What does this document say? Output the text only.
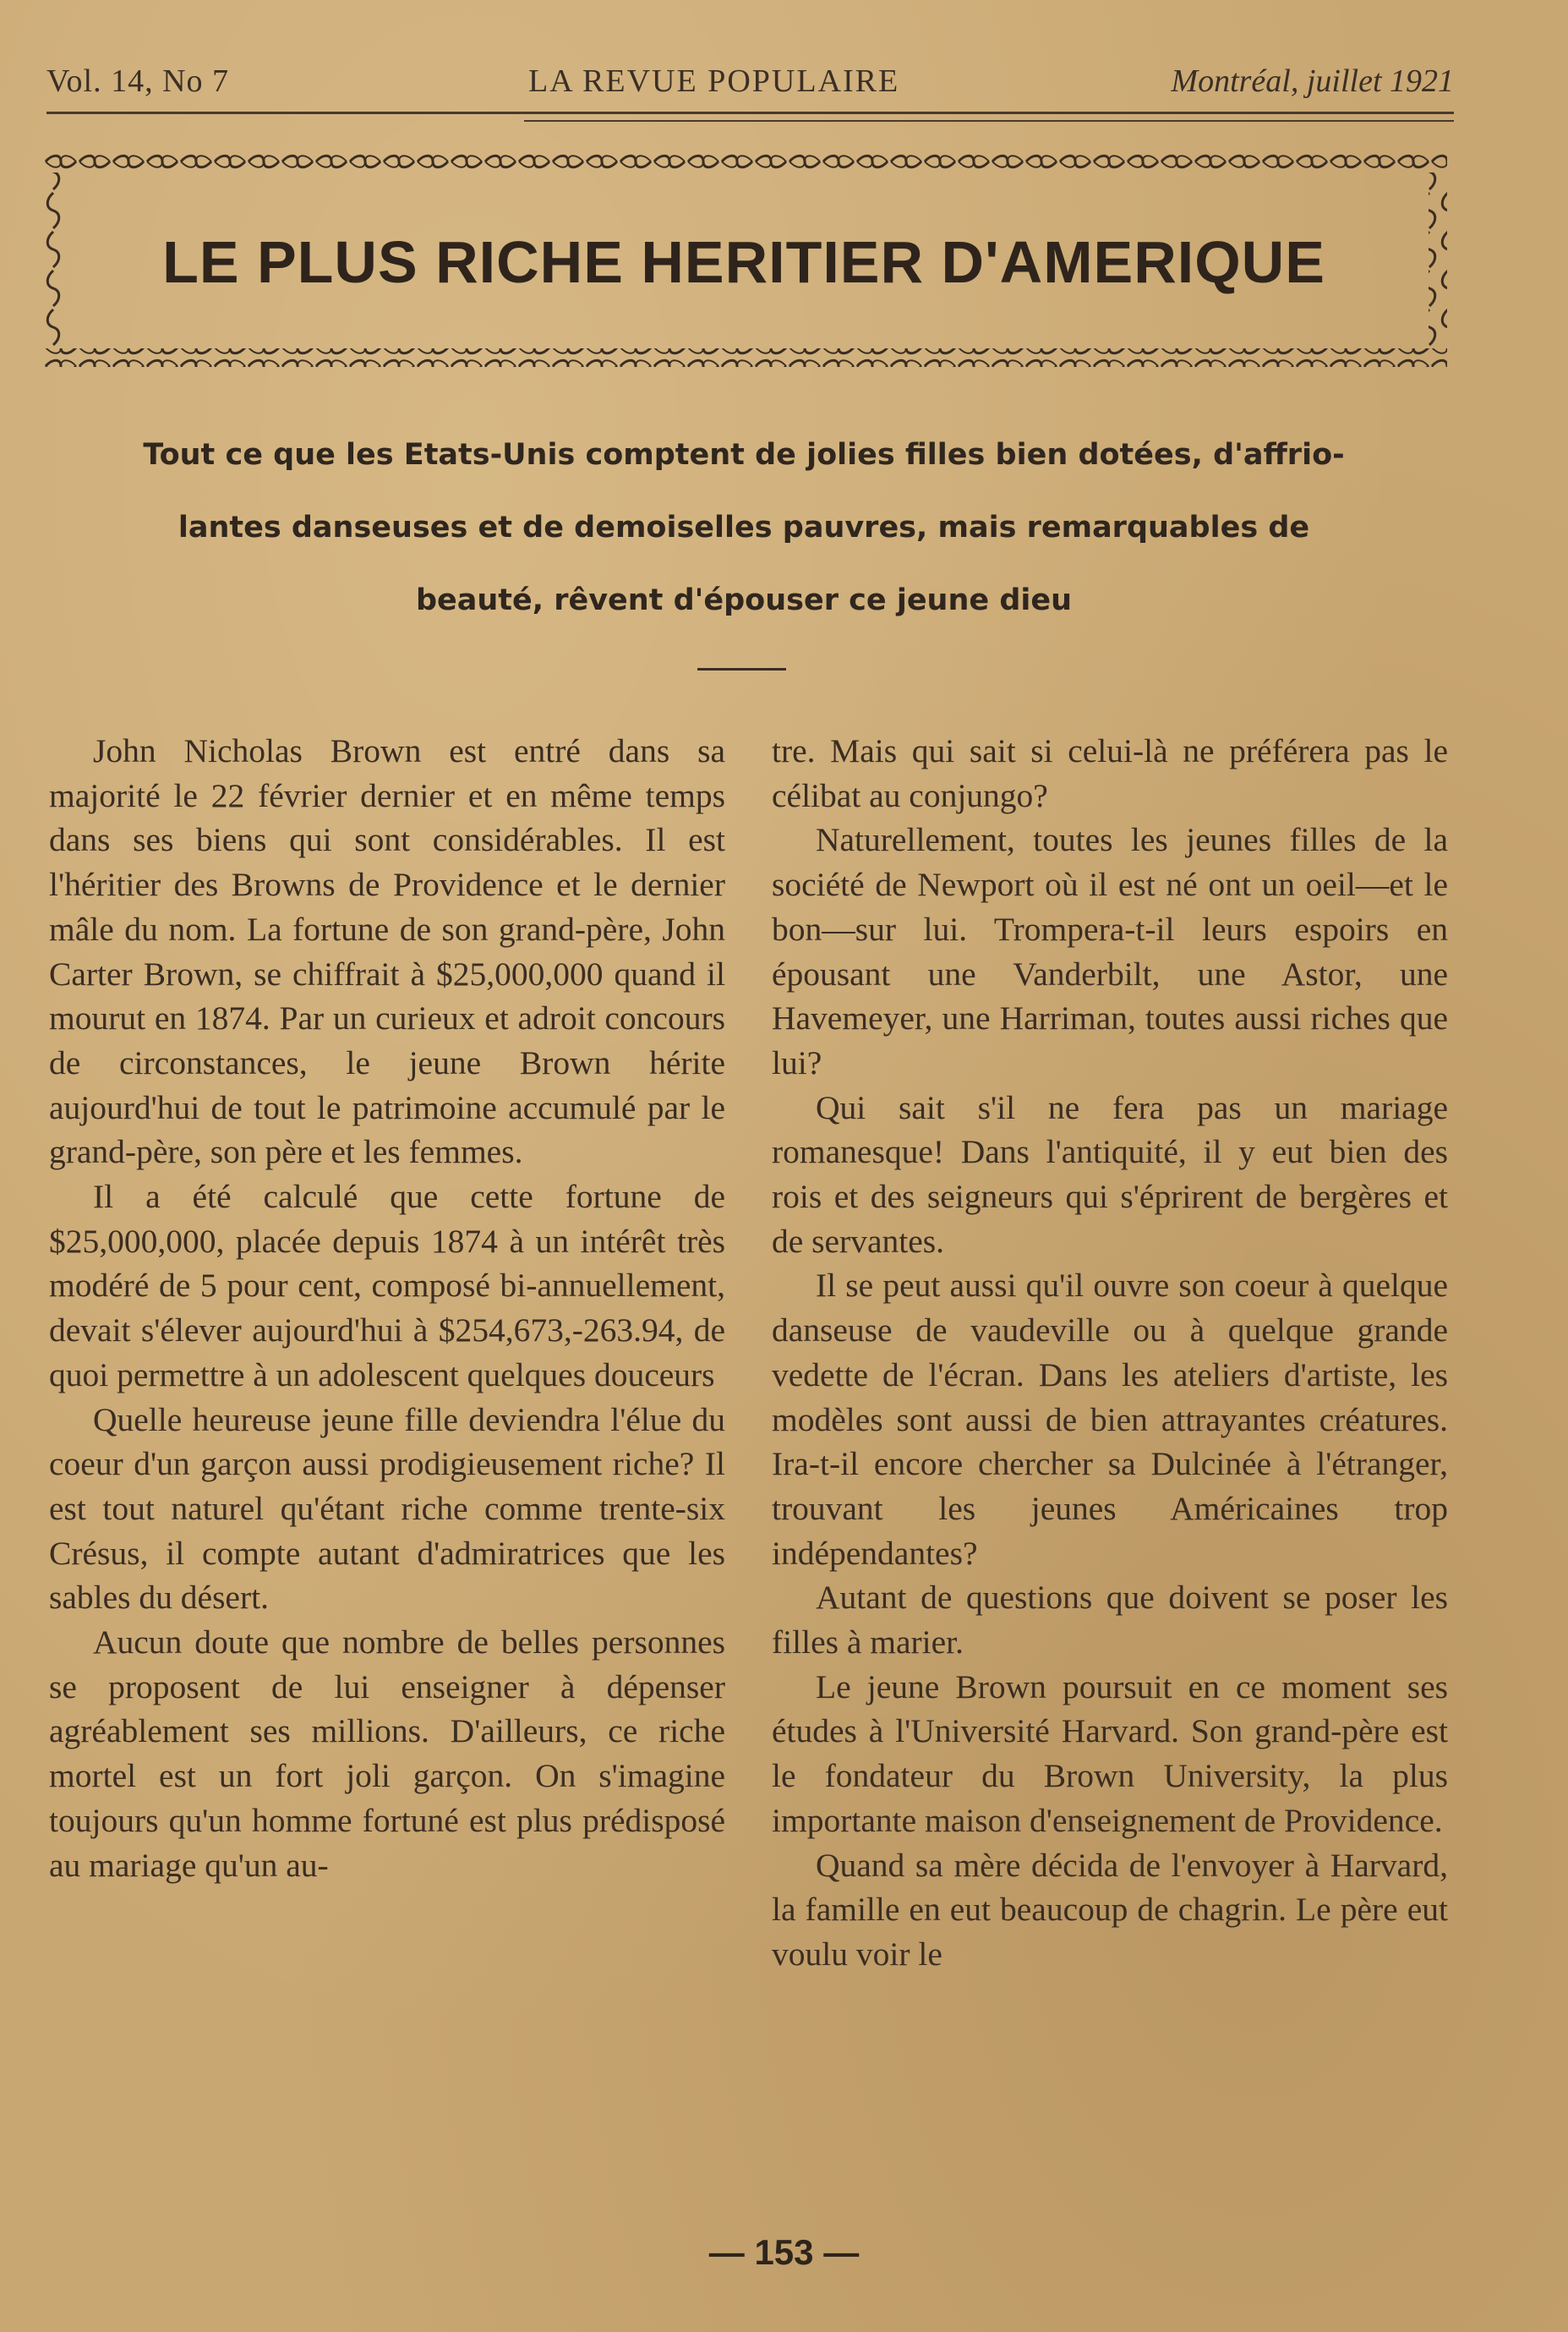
Vol. 14, No 7	LA REVUE POPULAIRE	Montréal, juillet 1921
LE PLUS RICHE HERITIER D'AMERIQUE
Tout ce que les Etats-Unis comptent de jolies filles bien dotées, d'affrio-
lantes danseuses et de demoiselles pauvres, mais remarquables de
beauté, rêvent d'épouser ce jeune dieu

John Nicholas Brown est entré dans sa majorité le 22 février dernier et en même temps dans ses biens qui sont considérables. Il est l'héritier des Browns de Providence et le dernier mâle du nom. La fortune de son grand-père, John Carter Brown, se chiffrait à $25,000,000 quand il mourut en 1874. Par un curieux et adroit concours de circonstances, le jeune Brown hérite aujourd'hui de tout le patrimoine accumulé par le grand-père, son père et les femmes.

Il a été calculé que cette fortune de $25,000,000, placée depuis 1874 à un intérêt très modéré de 5 pour cent, composé bi-annuellement, devait s'élever aujourd'hui à $254,673,-263.94, de quoi permettre à un adolescent quelques douceurs

Quelle heureuse jeune fille deviendra l'élue du coeur d'un garçon aussi prodigieusement riche? Il est tout naturel qu'étant riche comme trente-six Crésus, il compte autant d'admiratrices que les sables du désert.

Aucun doute que nombre de belles personnes se proposent de lui enseigner à dépenser agréablement ses millions. D'ailleurs, ce riche mortel est un fort joli garçon. On s'imagine toujours qu'un homme fortuné est plus prédisposé au mariage qu'un au-

tre. Mais qui sait si celui-là ne préférera pas le célibat au conjungo?

Naturellement, toutes les jeunes filles de la société de Newport où il est né ont un oeil—et le bon—sur lui. Trompera-t-il leurs espoirs en épousant une Vanderbilt, une Astor, une Havemeyer, une Harriman, toutes aussi riches que lui?

Qui sait s'il ne fera pas un mariage romanesque! Dans l'antiquité, il y eut bien des rois et des seigneurs qui s'éprirent de bergères et de servantes.

Il se peut aussi qu'il ouvre son coeur à quelque danseuse de vaudeville ou à quelque grande vedette de l'écran. Dans les ateliers d'artiste, les modèles sont aussi de bien attrayantes créatures. Ira-t-il encore chercher sa Dulcinée à l'étranger, trouvant les jeunes Américaines trop indépendantes?

Autant de questions que doivent se poser les filles à marier.

Le jeune Brown poursuit en ce moment ses études à l'Université Harvard. Son grand-père est le fondateur du Brown University, la plus importante maison d'enseignement de Providence.

Quand sa mère décida de l'envoyer à Harvard, la famille en eut beaucoup de chagrin. Le père eut voulu voir le

— 153 —
